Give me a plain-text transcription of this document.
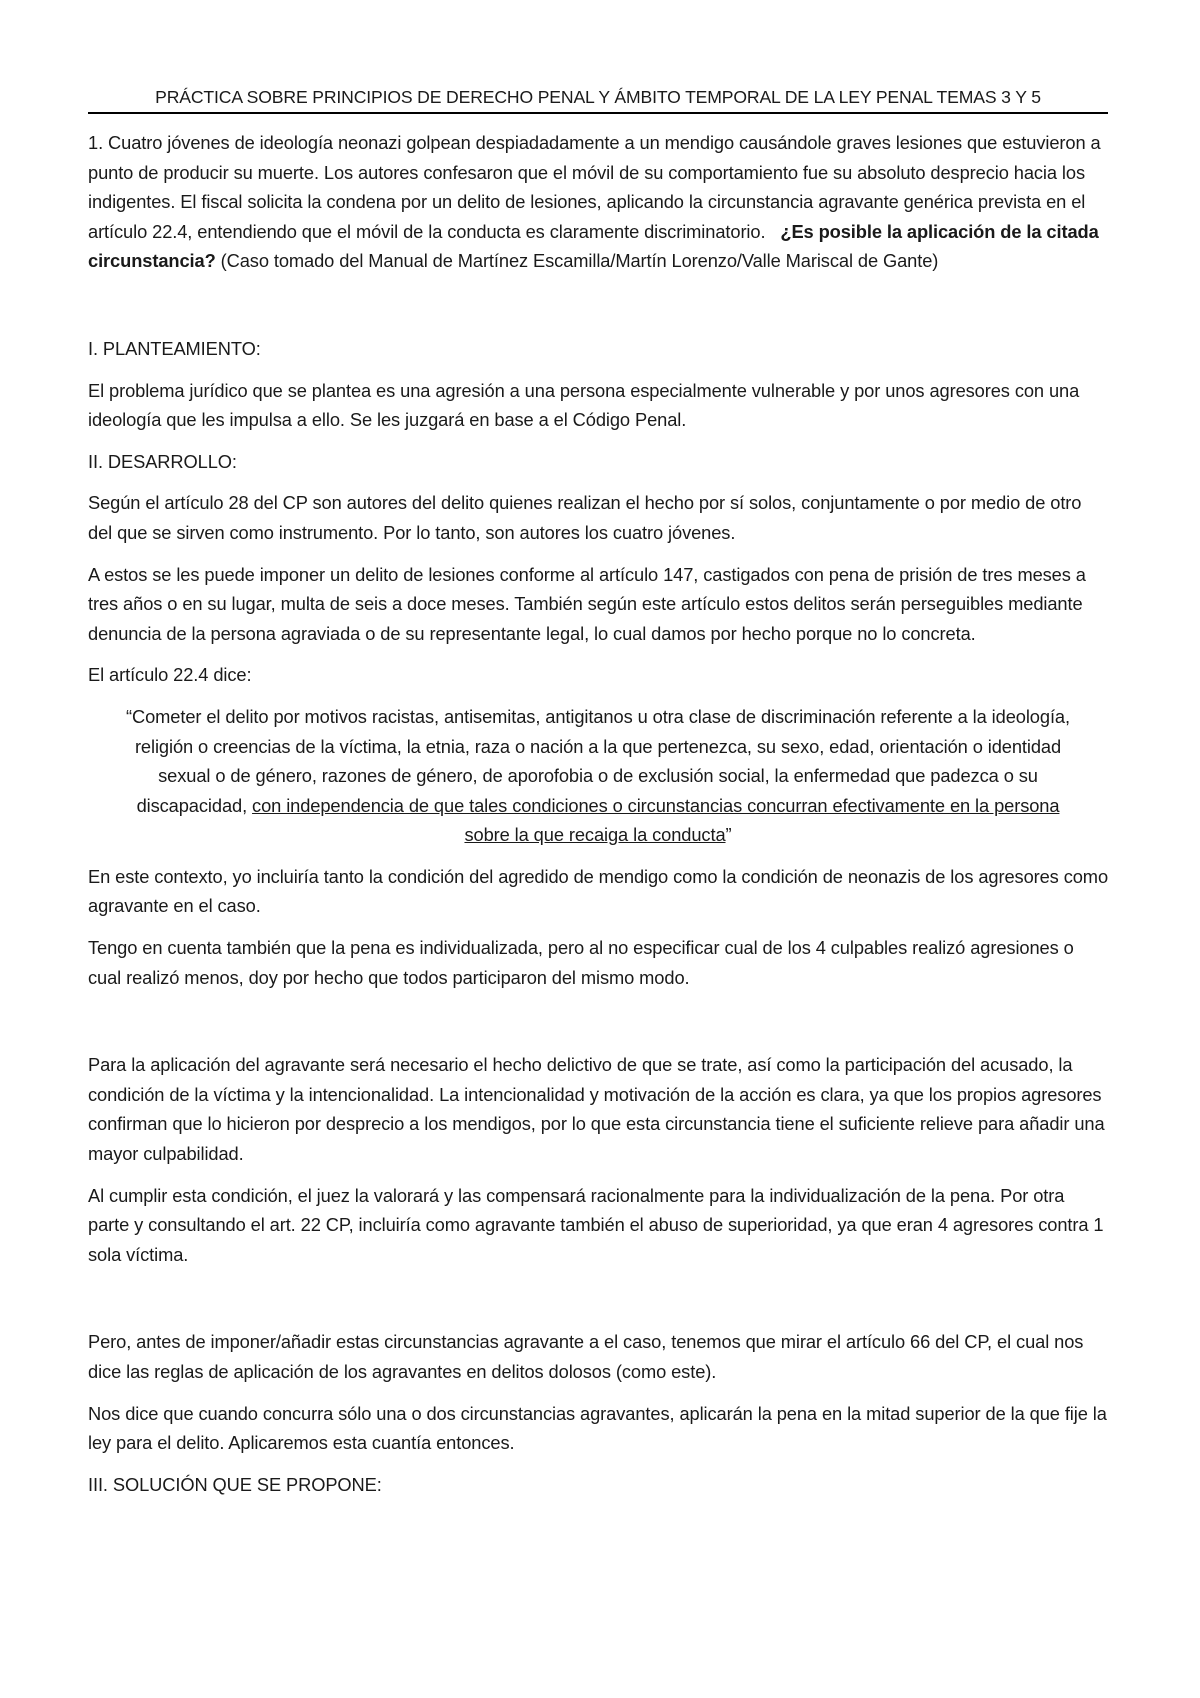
PRÁCTICA SOBRE PRINCIPIOS DE DERECHO PENAL Y ÁMBITO TEMPORAL DE LA LEY PENAL TEMAS 3 Y 5

1. Cuatro jóvenes de ideología neonazi golpean despiadadamente a un mendigo causándole graves lesiones que estuvieron a punto de producir su muerte. Los autores confesaron que el móvil de su comportamiento fue su absoluto desprecio hacia los indigentes. El fiscal solicita la condena por un delito de lesiones, aplicando la circunstancia agravante genérica prevista en el artículo 22.4, entendiendo que el móvil de la conducta es claramente discriminatorio. ¿Es posible la aplicación de la citada circunstancia? (Caso tomado del Manual de Martínez Escamilla/Martín Lorenzo/Valle Mariscal de Gante)

I. PLANTEAMIENTO:

El problema jurídico que se plantea es una agresión a una persona especialmente vulnerable y por unos agresores con una ideología que les impulsa a ello. Se les juzgará en base a el Código Penal.

II. DESARROLLO:

Según el artículo 28 del CP son autores del delito quienes realizan el hecho por sí solos, conjuntamente o por medio de otro del que se sirven como instrumento. Por lo tanto, son autores los cuatro jóvenes.

A estos se les puede imponer un delito de lesiones conforme al artículo 147, castigados con pena de prisión de tres meses a tres años o en su lugar, multa de seis a doce meses. También según este artículo estos delitos serán perseguibles mediante denuncia de la persona agraviada o de su representante legal, lo cual damos por hecho porque no lo concreta.

El artículo 22.4 dice:

“Cometer el delito por motivos racistas, antisemitas, antigitanos u otra clase de discriminación referente a la ideología, religión o creencias de la víctima, la etnia, raza o nación a la que pertenezca, su sexo, edad, orientación o identidad sexual o de género, razones de género, de aporofobia o de exclusión social, la enfermedad que padezca o su discapacidad, con independencia de que tales condiciones o circunstancias concurran efectivamente en la persona sobre la que recaiga la conducta”

En este contexto, yo incluiría tanto la condición del agredido de mendigo como la condición de neonazis de los agresores como agravante en el caso.

Tengo en cuenta también que la pena es individualizada, pero al no especificar cual de los 4 culpables realizó agresiones o cual realizó menos, doy por hecho que todos participaron del mismo modo.

Para la aplicación del agravante será necesario el hecho delictivo de que se trate, así como la participación del acusado, la condición de la víctima y la intencionalidad. La intencionalidad y motivación de la acción es clara, ya que los propios agresores confirman que lo hicieron por desprecio a los mendigos, por lo que esta circunstancia tiene el suficiente relieve para añadir una mayor culpabilidad.

Al cumplir esta condición, el juez la valorará y las compensará racionalmente para la individualización de la pena. Por otra parte y consultando el art. 22 CP, incluiría como agravante también el abuso de superioridad, ya que eran 4 agresores contra 1 sola víctima.

Pero, antes de imponer/añadir estas circunstancias agravante a el caso, tenemos que mirar el artículo 66 del CP, el cual nos dice las reglas de aplicación de los agravantes en delitos dolosos (como este).

Nos dice que cuando concurra sólo una o dos circunstancias agravantes, aplicarán la pena en la mitad superior de la que fije la ley para el delito. Aplicaremos esta cuantía entonces.

III. SOLUCIÓN QUE SE PROPONE:
